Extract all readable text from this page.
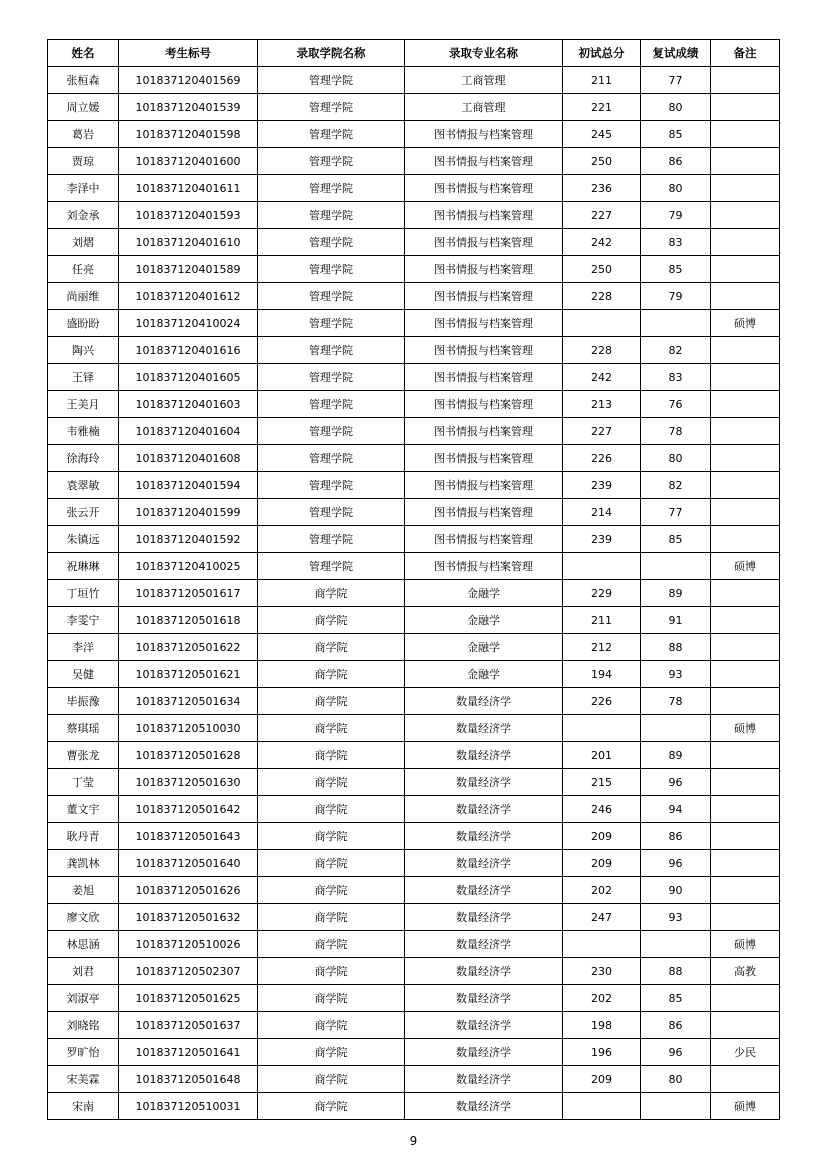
姓名	考生标号	录取学院名称	录取专业名称	初试总分	复试成绩	备注
张桓森	101837120401569	管理学院	工商管理	211	77	
周立媛	101837120401539	管理学院	工商管理	221	80	
葛岩	101837120401598	管理学院	图书情报与档案管理	245	85	
贾琼	101837120401600	管理学院	图书情报与档案管理	250	86	
李泽中	101837120401611	管理学院	图书情报与档案管理	236	80	
刘金承	101837120401593	管理学院	图书情报与档案管理	227	79	
刘熠	101837120401610	管理学院	图书情报与档案管理	242	83	
任亮	101837120401589	管理学院	图书情报与档案管理	250	85	
尚丽维	101837120401612	管理学院	图书情报与档案管理	228	79	
盛盼盼	101837120410024	管理学院	图书情报与档案管理			硕博
陶兴	101837120401616	管理学院	图书情报与档案管理	228	82	
王铎	101837120401605	管理学院	图书情报与档案管理	242	83	
王美月	101837120401603	管理学院	图书情报与档案管理	213	76	
韦雅楠	101837120401604	管理学院	图书情报与档案管理	227	78	
徐海玲	101837120401608	管理学院	图书情报与档案管理	226	80	
袁翠敏	101837120401594	管理学院	图书情报与档案管理	239	82	
张云开	101837120401599	管理学院	图书情报与档案管理	214	77	
朱镇远	101837120401592	管理学院	图书情报与档案管理	239	85	
祝琳琳	101837120410025	管理学院	图书情报与档案管理			硕博
丁垣竹	101837120501617	商学院	金融学	229	89	
李雯宁	101837120501618	商学院	金融学	211	91	
李洋	101837120501622	商学院	金融学	212	88	
吴健	101837120501621	商学院	金融学	194	93	
毕振豫	101837120501634	商学院	数量经济学	226	78	
蔡琪瑶	101837120510030	商学院	数量经济学			硕博
曹张龙	101837120501628	商学院	数量经济学	201	89	
丁莹	101837120501630	商学院	数量经济学	215	96	
董文宇	101837120501642	商学院	数量经济学	246	94	
耿丹青	101837120501643	商学院	数量经济学	209	86	
龚凯林	101837120501640	商学院	数量经济学	209	96	
姜旭	101837120501626	商学院	数量经济学	202	90	
廖文欣	101837120501632	商学院	数量经济学	247	93	
林思涵	101837120510026	商学院	数量经济学			硕博
刘君	101837120502307	商学院	数量经济学	230	88	高教
刘淑亭	101837120501625	商学院	数量经济学	202	85	
刘晓铭	101837120501637	商学院	数量经济学	198	86	
罗旷怡	101837120501641	商学院	数量经济学	196	96	少民
宋美霖	101837120501648	商学院	数量经济学	209	80	
宋南	101837120510031	商学院	数量经济学			硕博
9
